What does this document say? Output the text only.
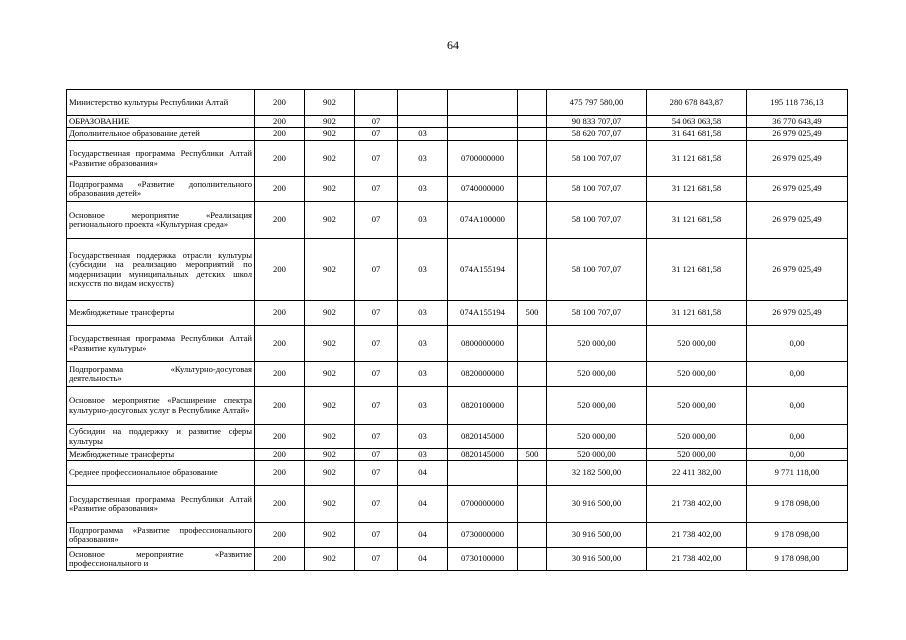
64
Министерство культуры Республики Алтай	200	902					475 797 580,00	280 678 843,87	195 118 736,13
ОБРАЗОВАНИЕ	200	902	07				90 833 707,07	54 063 063,58	36 770 643,49
Дополнительное образование детей	200	902	07	03			58 620 707,07	31 641 681,58	26 979 025,49
Государственная программа Республики Алтай «Развитие образования»	200	902	07	03	0700000000		58 100 707,07	31 121 681,58	26 979 025,49
Подпрограмма «Развитие дополнительного образования детей»	200	902	07	03	0740000000		58 100 707,07	31 121 681,58	26 979 025,49
Основное мероприятие «Реализация регионального проекта «Культурная среда»	200	902	07	03	074A100000		58 100 707,07	31 121 681,58	26 979 025,49
Государственная поддержка отрасли культуры (субсидии на реализацию мероприятий по модернизации муниципальных детских школ искусств по видам искусств)	200	902	07	03	074A155194		58 100 707,07	31 121 681,58	26 979 025,49
Межбюджетные трансферты	200	902	07	03	074A155194	500	58 100 707,07	31 121 681,58	26 979 025,49
Государственная программа Республики Алтай «Развитие культуры»	200	902	07	03	0800000000		520 000,00	520 000,00	0,00
Подпрограмма «Культурно-досуговая деятельность»	200	902	07	03	0820000000		520 000,00	520 000,00	0,00
Основное мероприятие «Расширение спектра культурно-досуговых услуг в Республике Алтай»	200	902	07	03	0820100000		520 000,00	520 000,00	0,00
Субсидии на поддержку и развитие сферы культуры	200	902	07	03	0820145000		520 000,00	520 000,00	0,00
Межбюджетные трансферты	200	902	07	03	0820145000	500	520 000,00	520 000,00	0,00
Среднее профессиональное образование	200	902	07	04			32 182 500,00	22 411 382,00	9 771 118,00
Государственная программа Республики Алтай «Развитие образования»	200	902	07	04	0700000000		30 916 500,00	21 738 402,00	9 178 098,00
Подпрограмма «Развитие профессионального образования»	200	902	07	04	0730000000		30 916 500,00	21 738 402,00	9 178 098,00
Основное мероприятие «Развитие профессионального и	200	902	07	04	0730100000		30 916 500,00	21 738 402,00	9 178 098,00
